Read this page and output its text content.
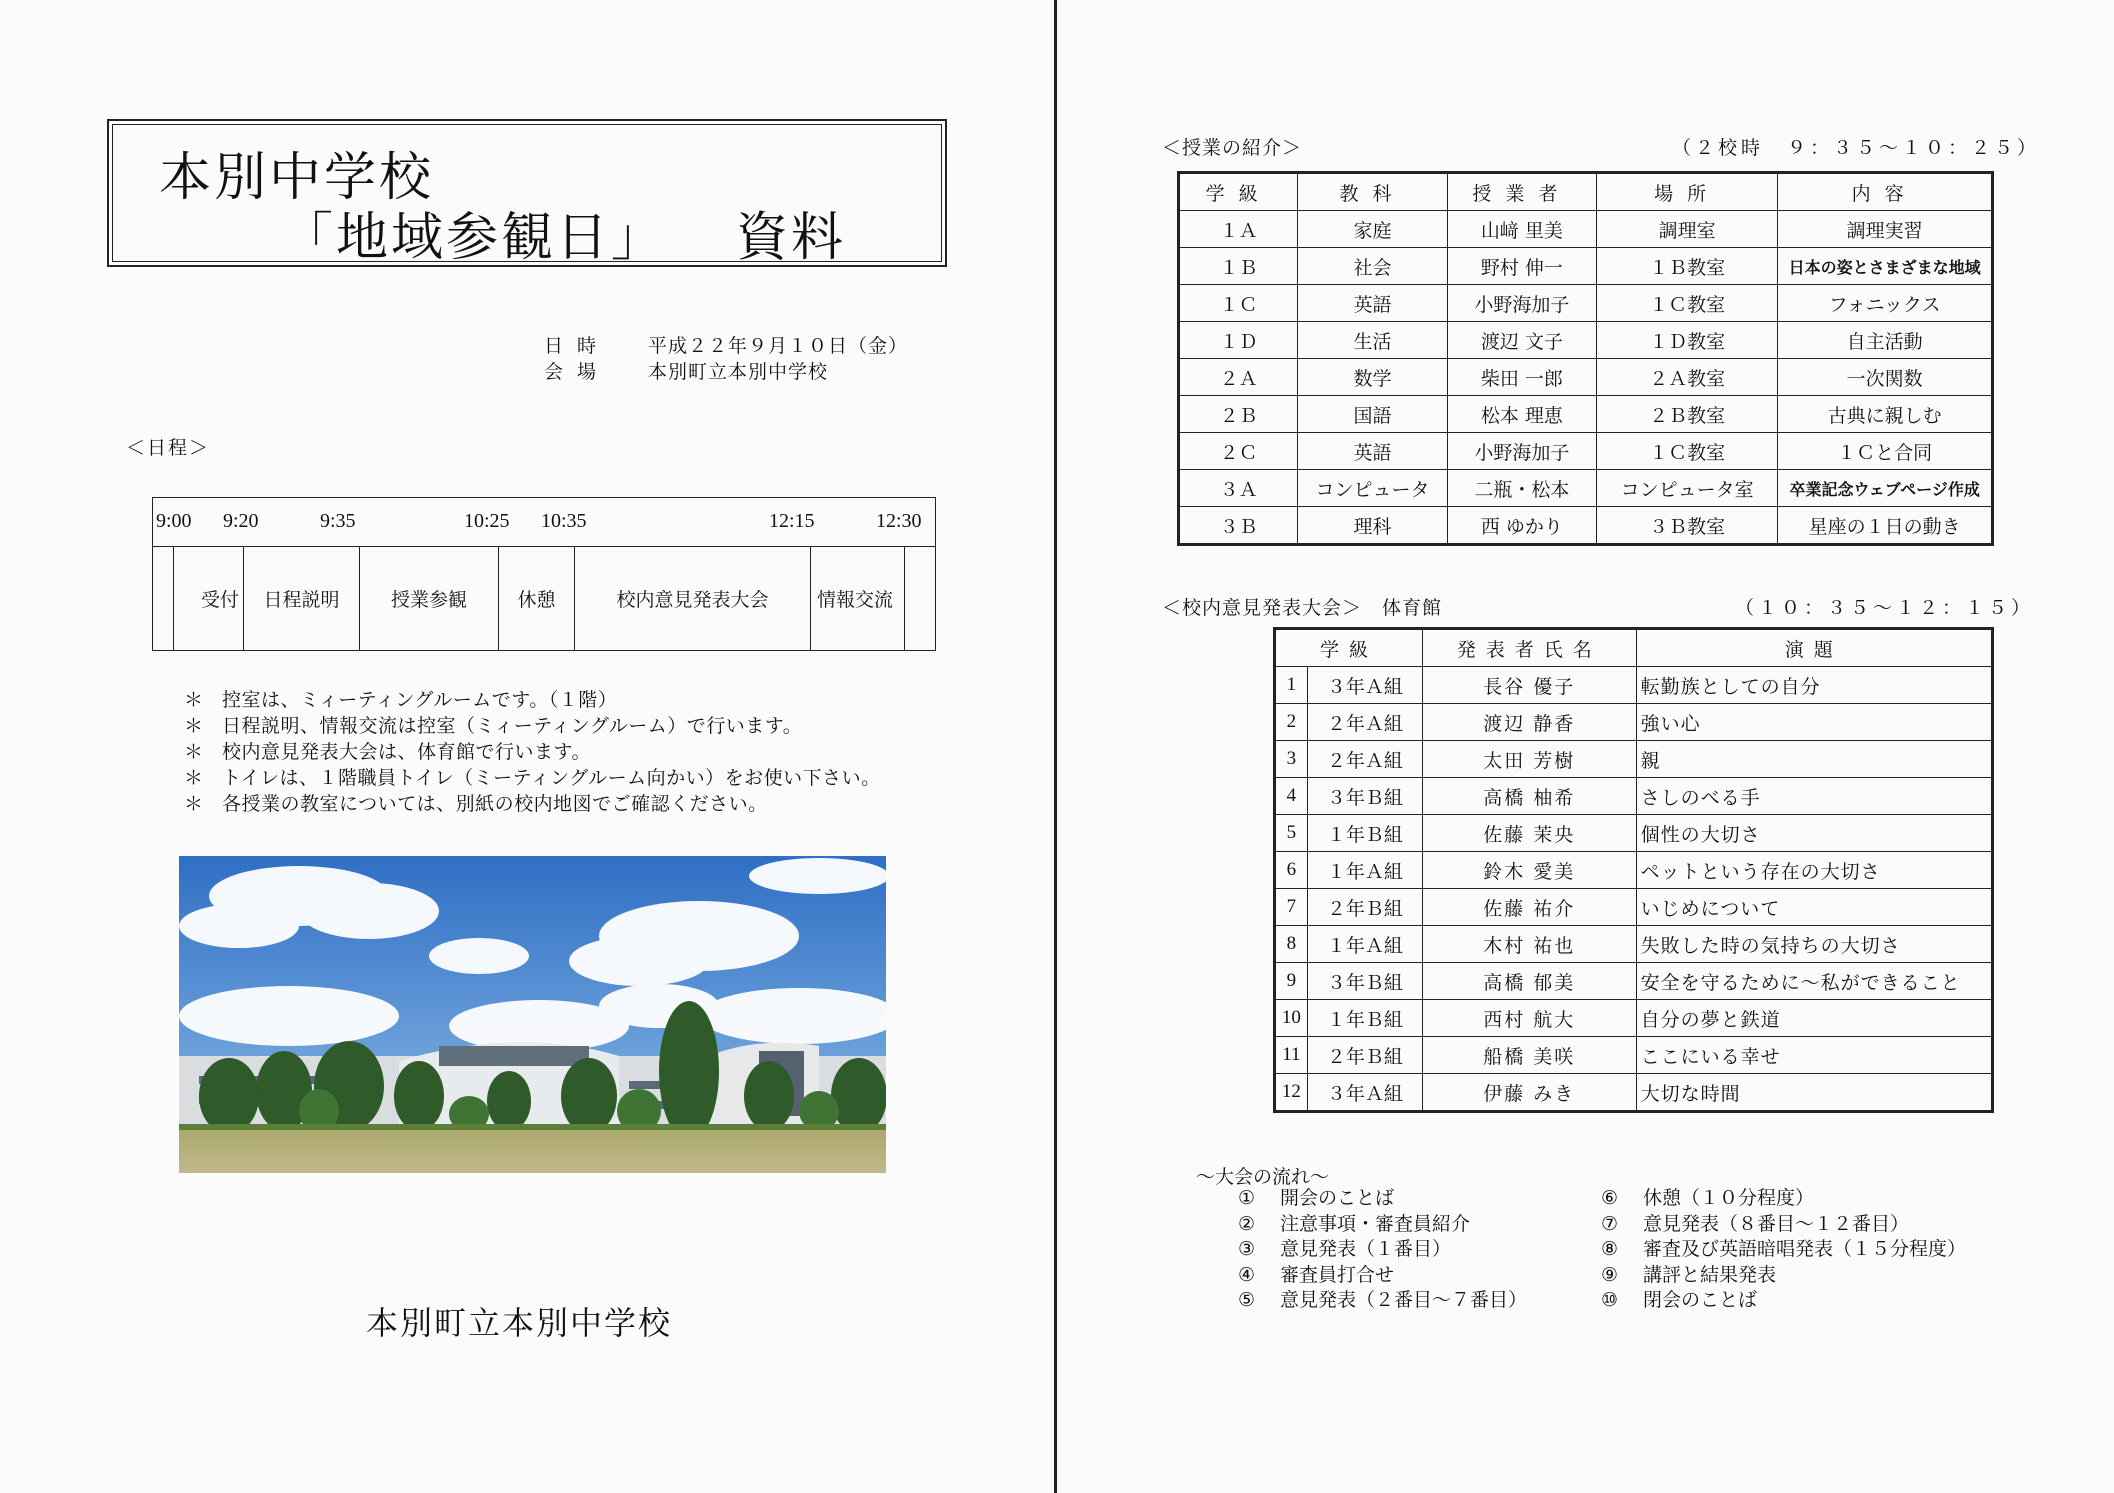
本別中学校
「地域参観日」 資料
日時	平成２２年９月１０日（金）
会場	本別町立本別中学校
＜日程＞
9:00 9:20	9:35	10:25 10:35	12:15	12:30
受付	日程説明	授業参観	休憩	校内意見発表大会	情報交流
＊ 控室は、ミィーティングルームです。（１階）
＊ 日程説明、情報交流は控室（ミィーティングルーム）で行います。
＊ 校内意見発表大会は、体育館で行います。
＊ トイレは、１階職員トイレ（ミーティングルーム向かい）をお使い下さい。
＊ 各授業の教室については、別紙の校内地図でご確認ください。
本別町立本別中学校
＜授業の紹介＞	（２校時　９：３５〜１０：２５）
学級	教科	授業者	場所	内容
１Ａ	家庭	山﨑 里美	調理室	調理実習
１Ｂ	社会	野村 伸一	１Ｂ教室	日本の姿とさまざまな地域
１Ｃ	英語	小野海加子	１Ｃ教室	フォニックス
１Ｄ	生活	渡辺 文子	１Ｄ教室	自主活動
２Ａ	数学	柴田 一郎	２Ａ教室	一次関数
２Ｂ	国語	松本 理恵	２Ｂ教室	古典に親しむ
２Ｃ	英語	小野海加子	１Ｃ教室	１Ｃと合同
３Ａ	コンピュータ	二瓶・松本	コンピュータ室	卒業記念ウェブページ作成
３Ｂ	理科	西 ゆかり	３Ｂ教室	星座の１日の動き
＜校内意見発表大会＞　体育館	（１０：３５〜１２：１５）
学級		発表者氏名	演題
1	３年Ａ組	長谷 優子	転勤族としての自分
2	２年Ａ組	渡辺 静香	強い心
3	２年Ａ組	太田 芳樹	親
4	３年Ｂ組	高橋 柚希	さしのべる手
5	１年Ｂ組	佐藤 茉央	個性の大切さ
6	１年Ａ組	鈴木 愛美	ペットという存在の大切さ
7	２年Ｂ組	佐藤 祐介	いじめについて
8	１年Ａ組	木村 祐也	失敗した時の気持ちの大切さ
9	３年Ｂ組	高橋 郁美	安全を守るために〜私ができること
10	１年Ｂ組	西村 航大	自分の夢と鉄道
11	２年Ｂ組	船橋 美咲	ここにいる幸せ
12	３年Ａ組	伊藤 みき	大切な時間
〜大会の流れ〜
①	開会のことば
②	注意事項・審査員紹介
③	意見発表（１番目）
④	審査員打合せ
⑤	意見発表（２番目〜７番目）
⑥	休憩（１０分程度）
⑦	意見発表（８番目〜１２番目）
⑧	審査及び英語暗唱発表（１５分程度）
⑨	講評と結果発表
⑩	閉会のことば
